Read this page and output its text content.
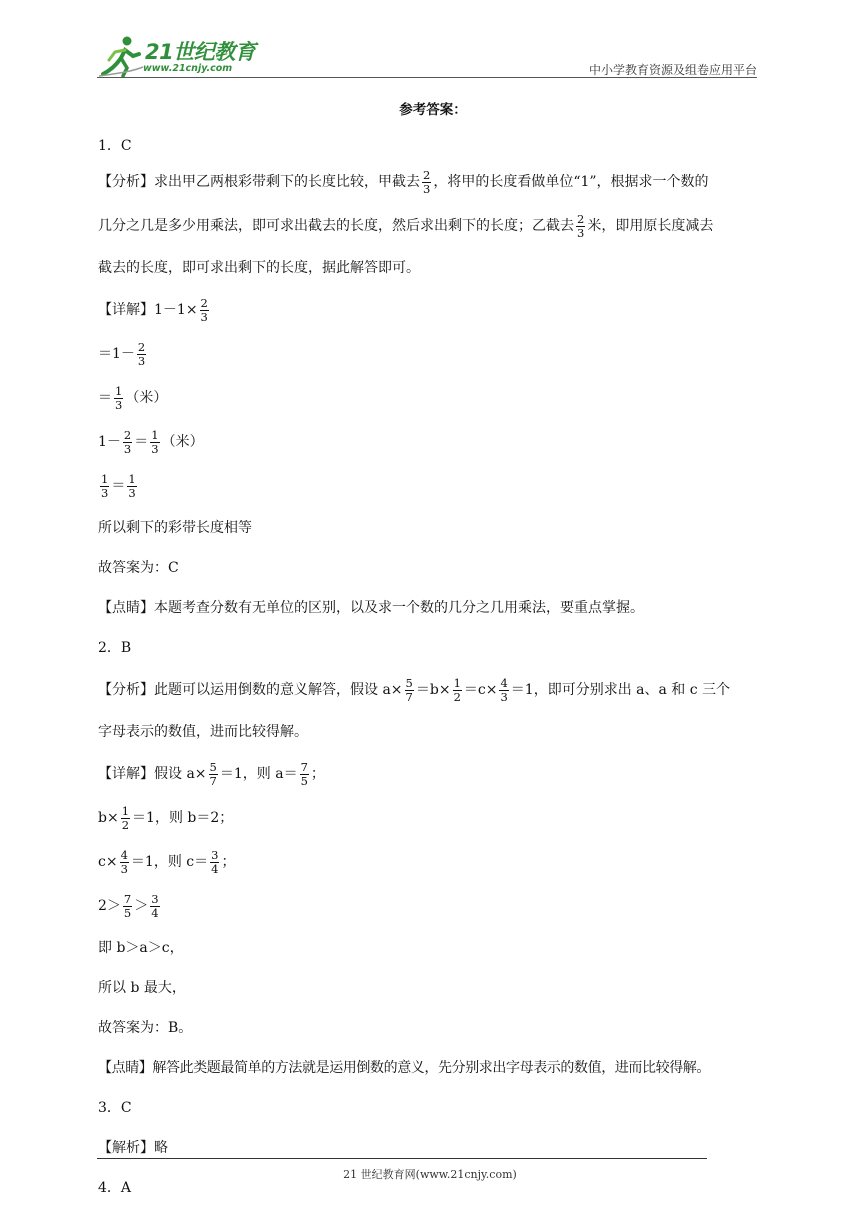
21世纪教育
www.21cnjy.com	中小学教育资源及组卷应用平台
参考答案：
1．C
【分析】求出甲乙两根彩带剩下的长度比较，甲截去 $\frac{2}{3}$ ，将甲的长度看做单位“1”，根据求一个数的
几分之几是多少用乘法，即可求出截去的长度，然后求出剩下的长度；乙截去 $\frac{2}{3}$ 米，即用原长度减去
截去的长度，即可求出剩下的长度，据此解答即可。
【详解】$1-1\times \frac{2}{3}$
$=1- \frac{2}{3}$
＝ $\frac{1}{3}$ （米）
$1- \frac{2}{3} = \frac{1}{3}$ （米）
$\frac{1}{3} = \frac{1}{3}$
所以剩下的彩带长度相等
故答案为：C
【点睛】本题考查分数有无单位的区别，以及求一个数的几分之几用乘法，要重点掌握。
2．B
【分析】此题可以运用倒数的意义解答，假设 $a\times \frac{5}{7} =b\times \frac{1}{2} =c\times \frac{4}{3} =1$，即可分别求出 a、a 和 c 三个
字母表示的数值，进而比较得解。
【详解】假设 $a\times \frac{5}{7} =1$，则 $a= \frac{7}{5}$ ；
$b\times \frac{1}{2} =1$，则 b＝2；
$c\times \frac{4}{3} =1$，则 $c= \frac{3}{4}$ ；
$2> \frac{7}{5} > \frac{3}{4}$
即 b＞a＞c，
所以 b 最大，
故答案为：B。
【点睛】解答此类题最简单的方法就是运用倒数的意义，先分别求出字母表示的数值，进而比较得解。
3．C
【解析】略
4．A
21 世纪教育网(www.21cnjy.com)
